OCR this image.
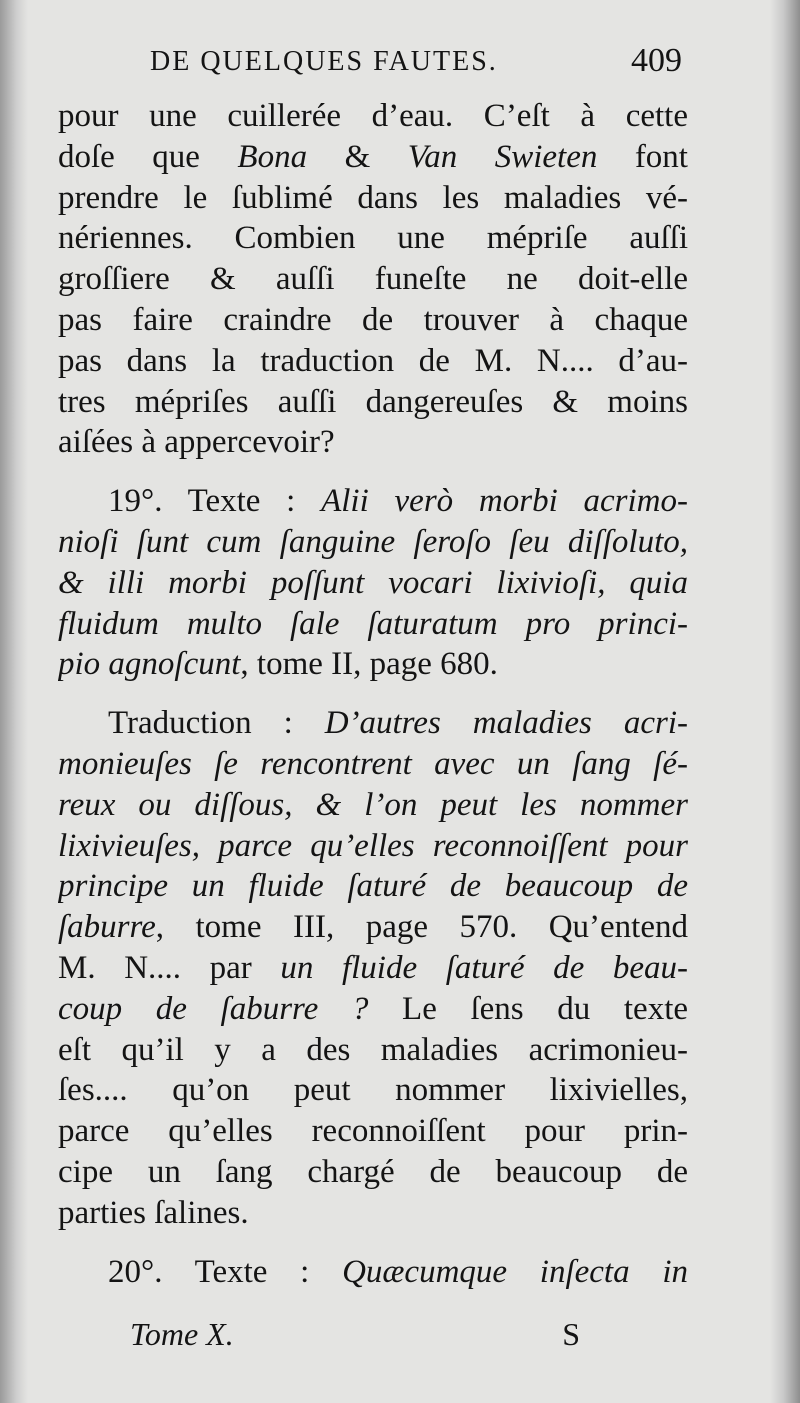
DE QUELQUES FAUTES.	409
pour une cuillerée d’eau. C’eſt à cette
doſe que Bona & Van Swieten font
prendre le ſublimé dans les maladies vé-
nériennes. Combien une mépriſe auſſi
groſſiere & auſſi funeſte ne doit-elle
pas faire craindre de trouver à chaque
pas dans la traduction de M. N.... d’au-
tres mépriſes auſſi dangereuſes & moins
aiſées à appercevoir?
19°. Texte : Alii verò morbi acrimo-
nioſi ſunt cum ſanguine ſeroſo ſeu diſſoluto,
& illi morbi poſſunt vocari lixivioſi, quia
fluidum multo ſale ſaturatum pro princi-
pio agnoſcunt, tome II, page 680.
Traduction : D’autres maladies acri-
monieuſes ſe rencontrent avec un ſang ſé-
reux ou diſſous, & l’on peut les nommer
lixivieuſes, parce qu’elles reconnoiſſent pour
principe un fluide ſaturé de beaucoup de
ſaburre, tome III, page 570. Qu’entend
M. N.... par un fluide ſaturé de beau-
coup de ſaburre ? Le ſens du texte
eſt qu’il y a des maladies acrimonieu-
ſes.... qu’on peut nommer lixivielles,
parce qu’elles reconnoiſſent pour prin-
cipe un ſang chargé de beaucoup de
parties ſalines.
20°. Texte : Quæcumque inſecta in
Tome X.	S
